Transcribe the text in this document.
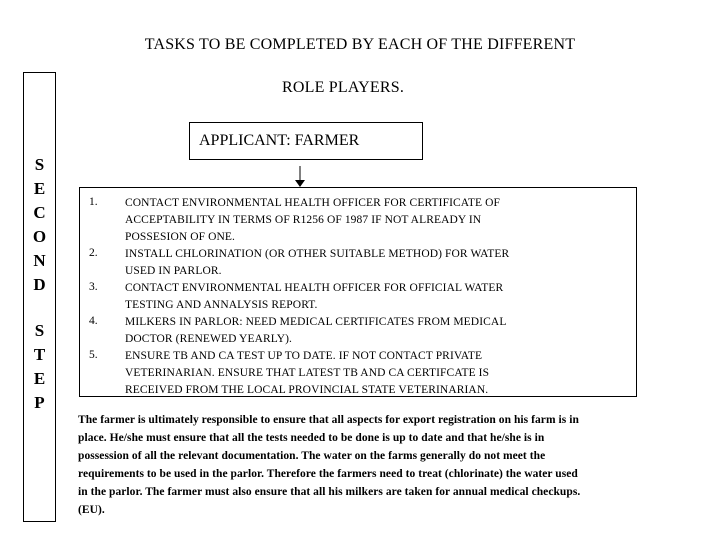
TASKS TO BE COMPLETED BY EACH OF THE DIFFERENT
ROLE PLAYERS.
S
E
C
O
N
D
S
T
E
P
APPLICANT: FARMER
1. CONTACT ENVIRONMENTAL HEALTH OFFICER FOR CERTIFICATE OF
ACCEPTABILITY IN TERMS OF R1256 OF 1987 IF NOT ALREADY IN
POSSESION OF ONE.
2. INSTALL CHLORINATION (OR OTHER SUITABLE METHOD) FOR WATER
USED IN PARLOR.
3. CONTACT ENVIRONMENTAL HEALTH OFFICER FOR OFFICIAL WATER
TESTING AND ANNALYSIS REPORT.
4. MILKERS IN PARLOR: NEED MEDICAL CERTIFICATES FROM MEDICAL
DOCTOR (RENEWED YEARLY).
5. ENSURE TB AND CA TEST UP TO DATE. IF NOT CONTACT PRIVATE
VETERINARIAN. ENSURE THAT LATEST TB AND CA CERTIFCATE IS
RECEIVED FROM THE LOCAL PROVINCIAL STATE VETERINARIAN.
The farmer is ultimately responsible to ensure that all aspects for export registration on his farm is in
place. He/she must ensure that all the tests needed to be done is up to date and that he/she is in
possession of all the relevant documentation. The water on the farms generally do not meet the
requirements to be used in the parlor. Therefore the farmers need to treat (chlorinate) the water used
in the parlor. The farmer must also ensure that all his milkers are taken for annual medical checkups.
(EU).
